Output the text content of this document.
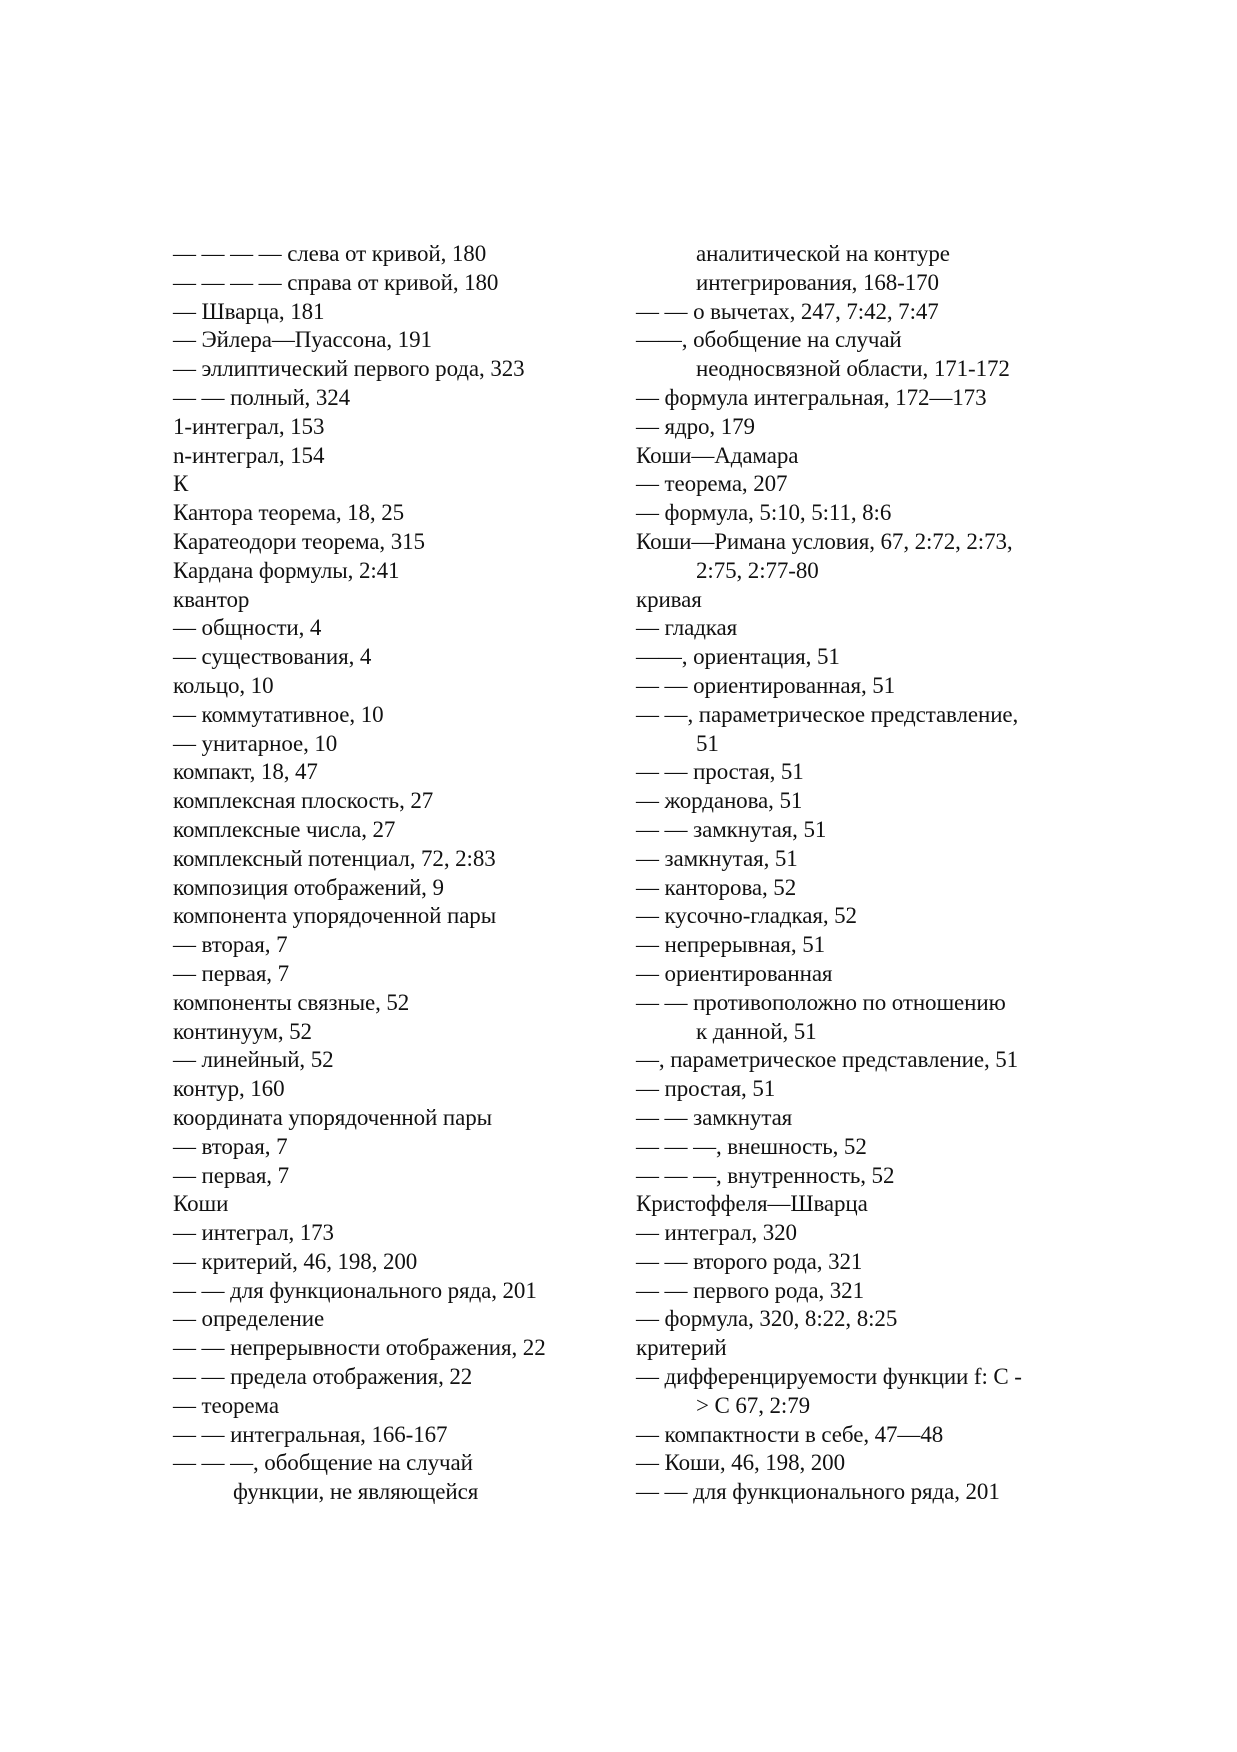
— — — — слева от кривой, 180
— — — — справа от кривой, 180
— Шварца, 181
— Эйлера—Пуассона, 191
— эллиптический первого рода, 323
— — полный, 324
1-интеграл, 153
n-интеграл, 154
К
Кантора теорема, 18, 25
Каратеодори теорема, 315
Кардана формулы, 2:41
квантор
— общности, 4
— существования, 4
кольцо, 10
— коммутативное, 10
— унитарное, 10
компакт, 18, 47
комплексная плоскость, 27
комплексные числа, 27
комплексный потенциал, 72, 2:83
композиция отображений, 9
компонента упорядоченной пары
— вторая, 7
— первая, 7
компоненты связные, 52
континуум, 52
— линейный, 52
контур, 160
координата упорядоченной пары
— вторая, 7
— первая, 7
Коши
— интеграл, 173
— критерий, 46, 198, 200
— — для функционального ряда, 201
— определение
— — непрерывности отображения, 22
— — предела отображения, 22
— теорема
— — интегральная, 166-167
— — —, обобщение на случай
функции, не являющейся
аналитической на контуре
интегрирования, 168-170
— — о вычетах, 247, 7:42, 7:47
——, обобщение на случай
неодносвязной области, 171-172
— формула интегральная, 172—173
— ядро, 179
Коши—Адамара
— теорема, 207
— формула, 5:10, 5:11, 8:6
Коши—Римана условия, 67, 2:72, 2:73,
2:75, 2:77-80
кривая
— гладкая
——, ориентация, 51
— — ориентированная, 51
— —, параметрическое представление,
51
— — простая, 51
— жорданова, 51
— — замкнутая, 51
— замкнутая, 51
— канторова, 52
— кусочно-гладкая, 52
— непрерывная, 51
— ориентированная
— — противоположно по отношению
к данной, 51
—, параметрическое представление, 51
— простая, 51
— — замкнутая
— — —, внешность, 52
— — —, внутренность, 52
Кристоффеля—Шварца
— интеграл, 320
— — второго рода, 321
— — первого рода, 321
— формула, 320, 8:22, 8:25
критерий
— дифференцируемости функции f: C -
> C 67, 2:79
— компактности в себе, 47—48
— Коши, 46, 198, 200
— — для функционального ряда, 201
